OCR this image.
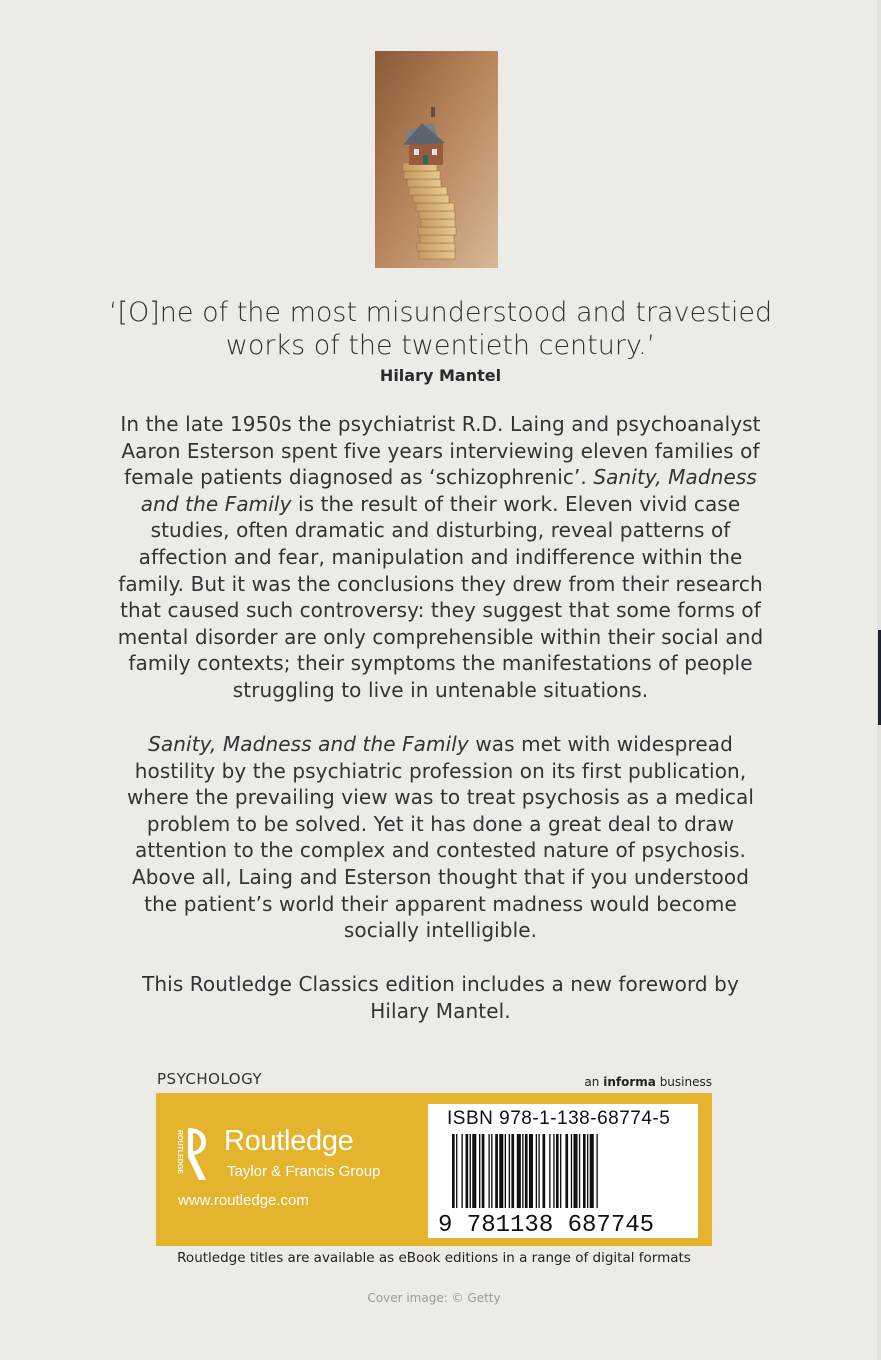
‘[O]ne of the most misunderstood and travestied
works of the twentieth century.’
Hilary Mantel
In the late 1950s the psychiatrist R.D. Laing and psychoanalyst
Aaron Esterson spent five years interviewing eleven families of
female patients diagnosed as ‘schizophrenic’. Sanity, Madness
and the Family is the result of their work. Eleven vivid case
studies, often dramatic and disturbing, reveal patterns of
affection and fear, manipulation and indifference within the
family. But it was the conclusions they drew from their research
that caused such controversy: they suggest that some forms of
mental disorder are only comprehensible within their social and
family contexts; their symptoms the manifestations of people
struggling to live in untenable situations.
Sanity, Madness and the Family was met with widespread
hostility by the psychiatric profession on its first publication,
where the prevailing view was to treat psychosis as a medical
problem to be solved. Yet it has done a great deal to draw
attention to the complex and contested nature of psychosis.
Above all, Laing and Esterson thought that if you understood
the patient’s world their apparent madness would become
socially intelligible.
This Routledge Classics edition includes a new foreword by
Hilary Mantel.
PSYCHOLOGY	an informa business
ROUTLEDGE Routledge
Taylor & Francis Group
www.routledge.com
ISBN 978-1-138-68774-5
9 781138 687745
Routledge titles are available as eBook editions in a range of digital formats
Cover image: © Getty
